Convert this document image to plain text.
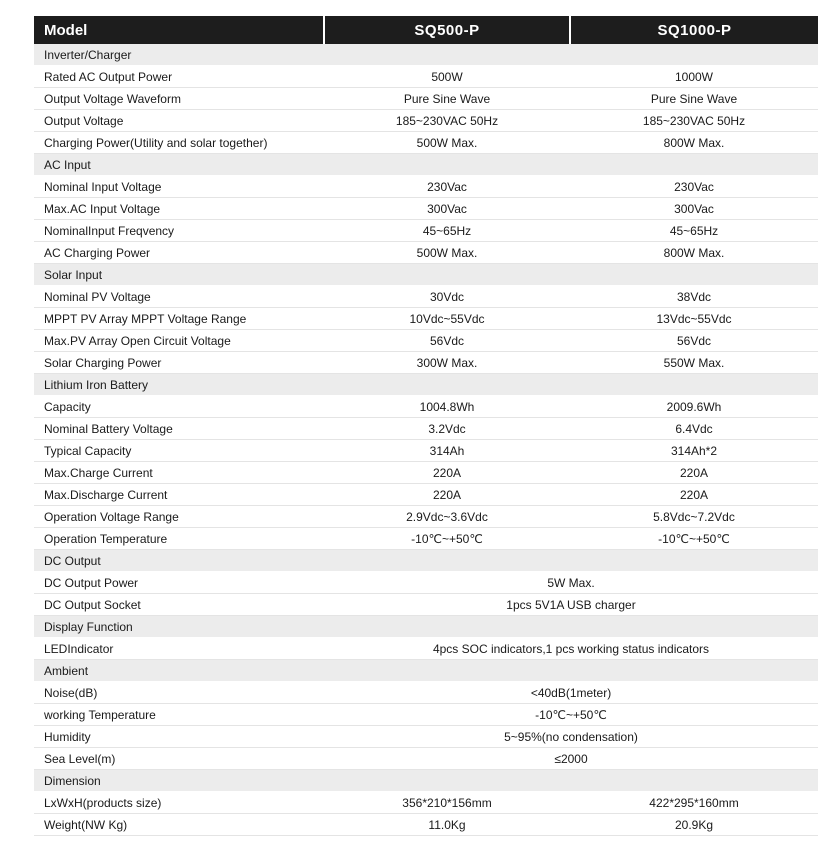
Model	SQ500-P	SQ1000-P
Inverter/Charger		
Rated AC Output Power	500W	1000W
Output Voltage Waveform	Pure Sine Wave	Pure Sine Wave
Output Voltage	185~230VAC 50Hz	185~230VAC 50Hz
Charging Power(Utility and solar together)	500W Max.	800W Max.
AC Input		
Nominal Input Voltage	230Vac	230Vac
Max.AC Input Voltage	300Vac	300Vac
NominalInput Freqvency	45~65Hz	45~65Hz
AC Charging Power	500W Max.	800W Max.
Solar Input		
Nominal PV Voltage	30Vdc	38Vdc
MPPT PV Array MPPT Voltage Range	10Vdc~55Vdc	13Vdc~55Vdc
Max.PV Array Open Circuit Voltage	56Vdc	56Vdc
Solar Charging Power	300W Max.	550W Max.
Lithium Iron Battery		
Capacity	1004.8Wh	2009.6Wh
Nominal Battery Voltage	3.2Vdc	6.4Vdc
Typical Capacity	314Ah	314Ah*2
Max.Charge Current	220A	220A
Max.Discharge Current	220A	220A
Operation Voltage Range	2.9Vdc~3.6Vdc	5.8Vdc~7.2Vdc
Operation Temperature	-10℃~+50℃	-10℃~+50℃
DC Output		
DC Output Power	5W Max.	
DC Output Socket	1pcs 5V1A USB charger	
Display Function		
LEDIndicator	4pcs SOC indicators,1 pcs working status indicators	
Ambient		
Noise(dB)	<40dB(1meter)	
working Temperature	-10℃~+50℃	
Humidity	5~95%(no condensation)	
Sea Level(m)	≤2000	
Dimension		
LxWxH(products size)	356*210*156mm	422*295*160mm
Weight(NW Kg)	11.0Kg	20.9Kg
